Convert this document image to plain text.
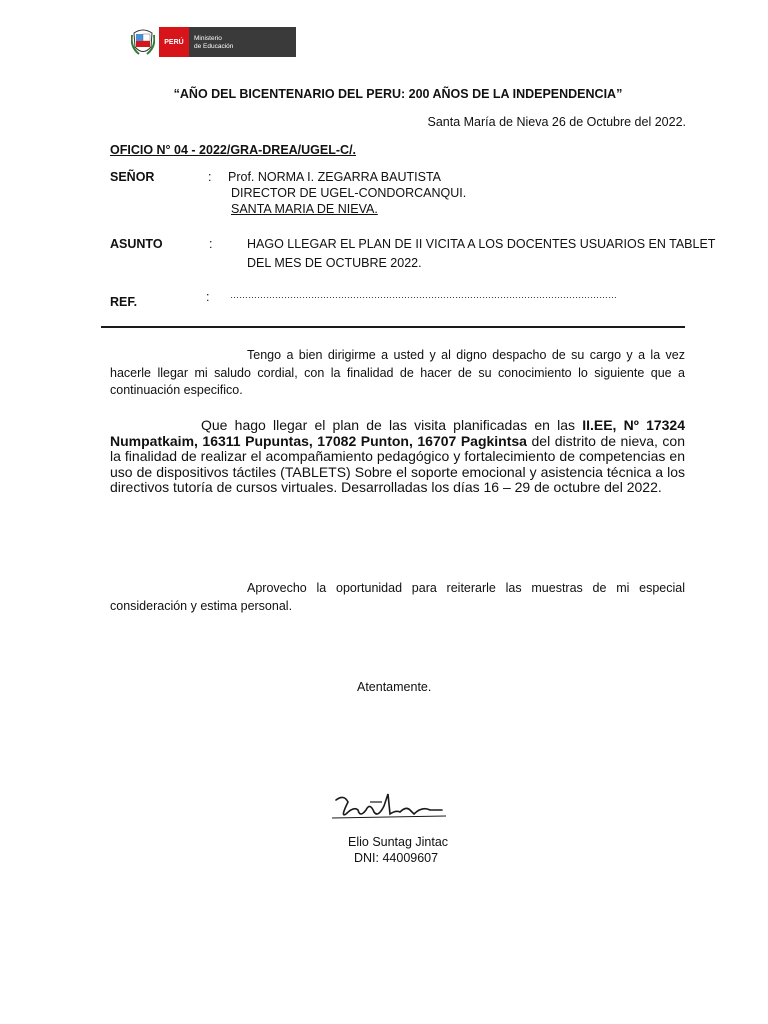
PERÚ	Ministerio
de Educación
“AÑO DEL BICENTENARIO DEL PERU: 200 AÑOS DE LA INDEPENDENCIA”
Santa María de Nieva 26 de Octubre del 2022.
OFICIO N° 04 - 2022/GRA-DREA/UGEL-C/.
SEÑOR	: Prof. NORMA I. ZEGARRA BAUTISTA
DIRECTOR DE UGEL-CONDORCANQUI.
SANTA MARIA DE NIEVA.
ASUNTO	:	HAGO LLEGAR EL PLAN DE II VICITA A LOS DOCENTES USUARIOS EN TABLET
DEL MES DE OCTUBRE 2022.
REF.	: …………………………………………………………………………………………………………………
Tengo a bien dirigirme a usted y al digno despacho de su cargo y a la vez hacerle llegar mi saludo cordial, con la finalidad de hacer de su conocimiento lo siguiente que a continuación especifico.
Que hago llegar el plan de las visita planificadas en las II.EE, Nº 17324 Numpatkaim, 16311 Pupuntas, 17082 Punton, 16707 Pagkintsa del distrito de nieva, con la finalidad de realizar el acompañamiento pedagógico y fortalecimiento de competencias en uso de dispositivos táctiles (TABLETS) Sobre el soporte emocional y asistencia técnica a los directivos tutoría de cursos virtuales. Desarrolladas los días 16 – 29 de octubre del 2022.
Aprovecho la oportunidad para reiterarle las muestras de mi especial consideración y estima personal.
Atentamente.
Elio Suntag Jintac
DNI: 44009607
